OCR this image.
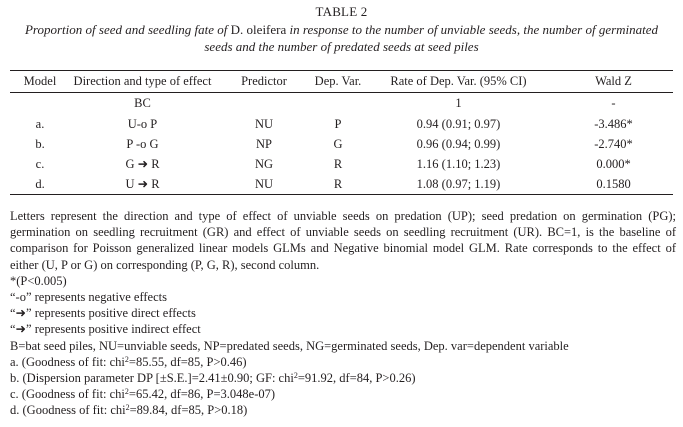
TABLE 2
Proportion of seed and seedling fate of D. oleifera in response to the number of unviable seeds, the number of germinated seeds and the number of predated seeds at seed piles
Model	Direction and type of effect	Predictor	Dep. Var.	Rate of Dep. Var. (95% CI)	Wald Z
	BC			1	-
a.	U-o P	NU	P	0.94 (0.91; 0.97)	-3.486*
b.	P -o G	NP	G	0.96 (0.94; 0.99)	-2.740*
c.	G ➜ R	NG	R	1.16 (1.10; 1.23)	0.000*
d.	U ➜ R	NU	R	1.08 (0.97; 1.19)	0.1580

Letters represent the direction and type of effect of unviable seeds on predation (UP); seed predation on germination (PG); germination on seedling recruitment (GR) and effect of unviable seeds on seedling recruitment (UR). BC=1, is the baseline of comparison for Poisson generalized linear models GLMs and Negative binomial model GLM. Rate corresponds to the effect of either (U, P or G) on corresponding (P, G, R), second column.

*(P<0.005)

“-o” represents negative effects

“➜” represents positive direct effects

“➜” represents positive indirect effect

B=bat seed piles, NU=unviable seeds, NP=predated seeds, NG=germinated seeds, Dep. var=dependent variable

a. (Goodness of fit: chi$^2$=85.55, df=85, P>0.46)

b. (Dispersion parameter DP [±S.E.]=2.41±0.90; GF: chi$^2$=91.92, df=84, P>0.26)

c. (Goodness of fit: chi$^2$=65.42, df=86, P=3.048e-07)

d. (Goodness of fit: chi$^2$=89.84, df=85, P>0.18)
